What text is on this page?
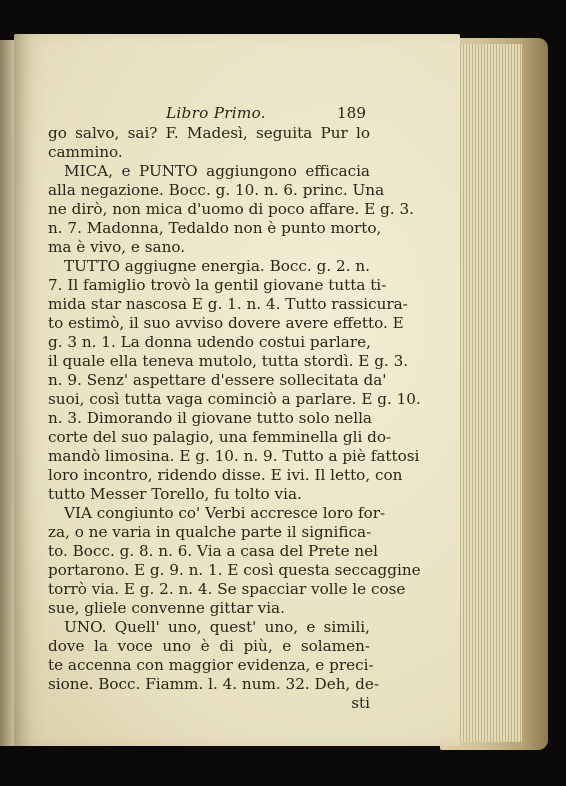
Libro Primo.	189
go salvo, sai? F. Madesì, seguita Pur lo
cammino.
MICA, e PUNTO aggiungono efficacia
alla negazione. Bocc. g. 10. n. 6. princ. Una
ne dirò, non mica d'uomo di poco affare. E g. 3.
n. 7. Madonna, Tedaldo non è punto morto,
ma è vivo, e sano.
TUTTO aggiugne energia. Bocc. g. 2. n.
7. Il famiglio trovò la gentil giovane tutta ti-
mida star nascosa E g. 1. n. 4. Tutto rassicura-
to estimò, il suo avviso dovere avere effetto. E
g. 3 n. 1. La donna udendo costui parlare,
il quale ella teneva mutolo, tutta stordì. E g. 3.
n. 9. Senz' aspettare d'essere sollecitata da'
suoi, così tutta vaga cominciò a parlare. E g. 10.
n. 3. Dimorando il giovane tutto solo nella
corte del suo palagio, una femminella gli do-
mandò limosina. E g. 10. n. 9. Tutto a piè fattosi
loro incontro, ridendo disse. E ivi. Il letto, con
tutto Messer Torello, fu tolto via.
VIA congiunto co' Verbi accresce loro for-
za, o ne varia in qualche parte il significa-
to. Bocc. g. 8. n. 6. Via a casa del Prete nel
portarono. E g. 9. n. 1. E così questa seccaggine
torrò via. E g. 2. n. 4. Se spacciar volle le cose
sue, gliele convenne gittar via.
UNO. Quell' uno, quest' uno, e simili,
dove la voce uno è di più, e solamen-
te accenna con maggior evidenza, e preci-
sione. Bocc. Fiamm. l. 4. num. 32. Deh, de-
sti
